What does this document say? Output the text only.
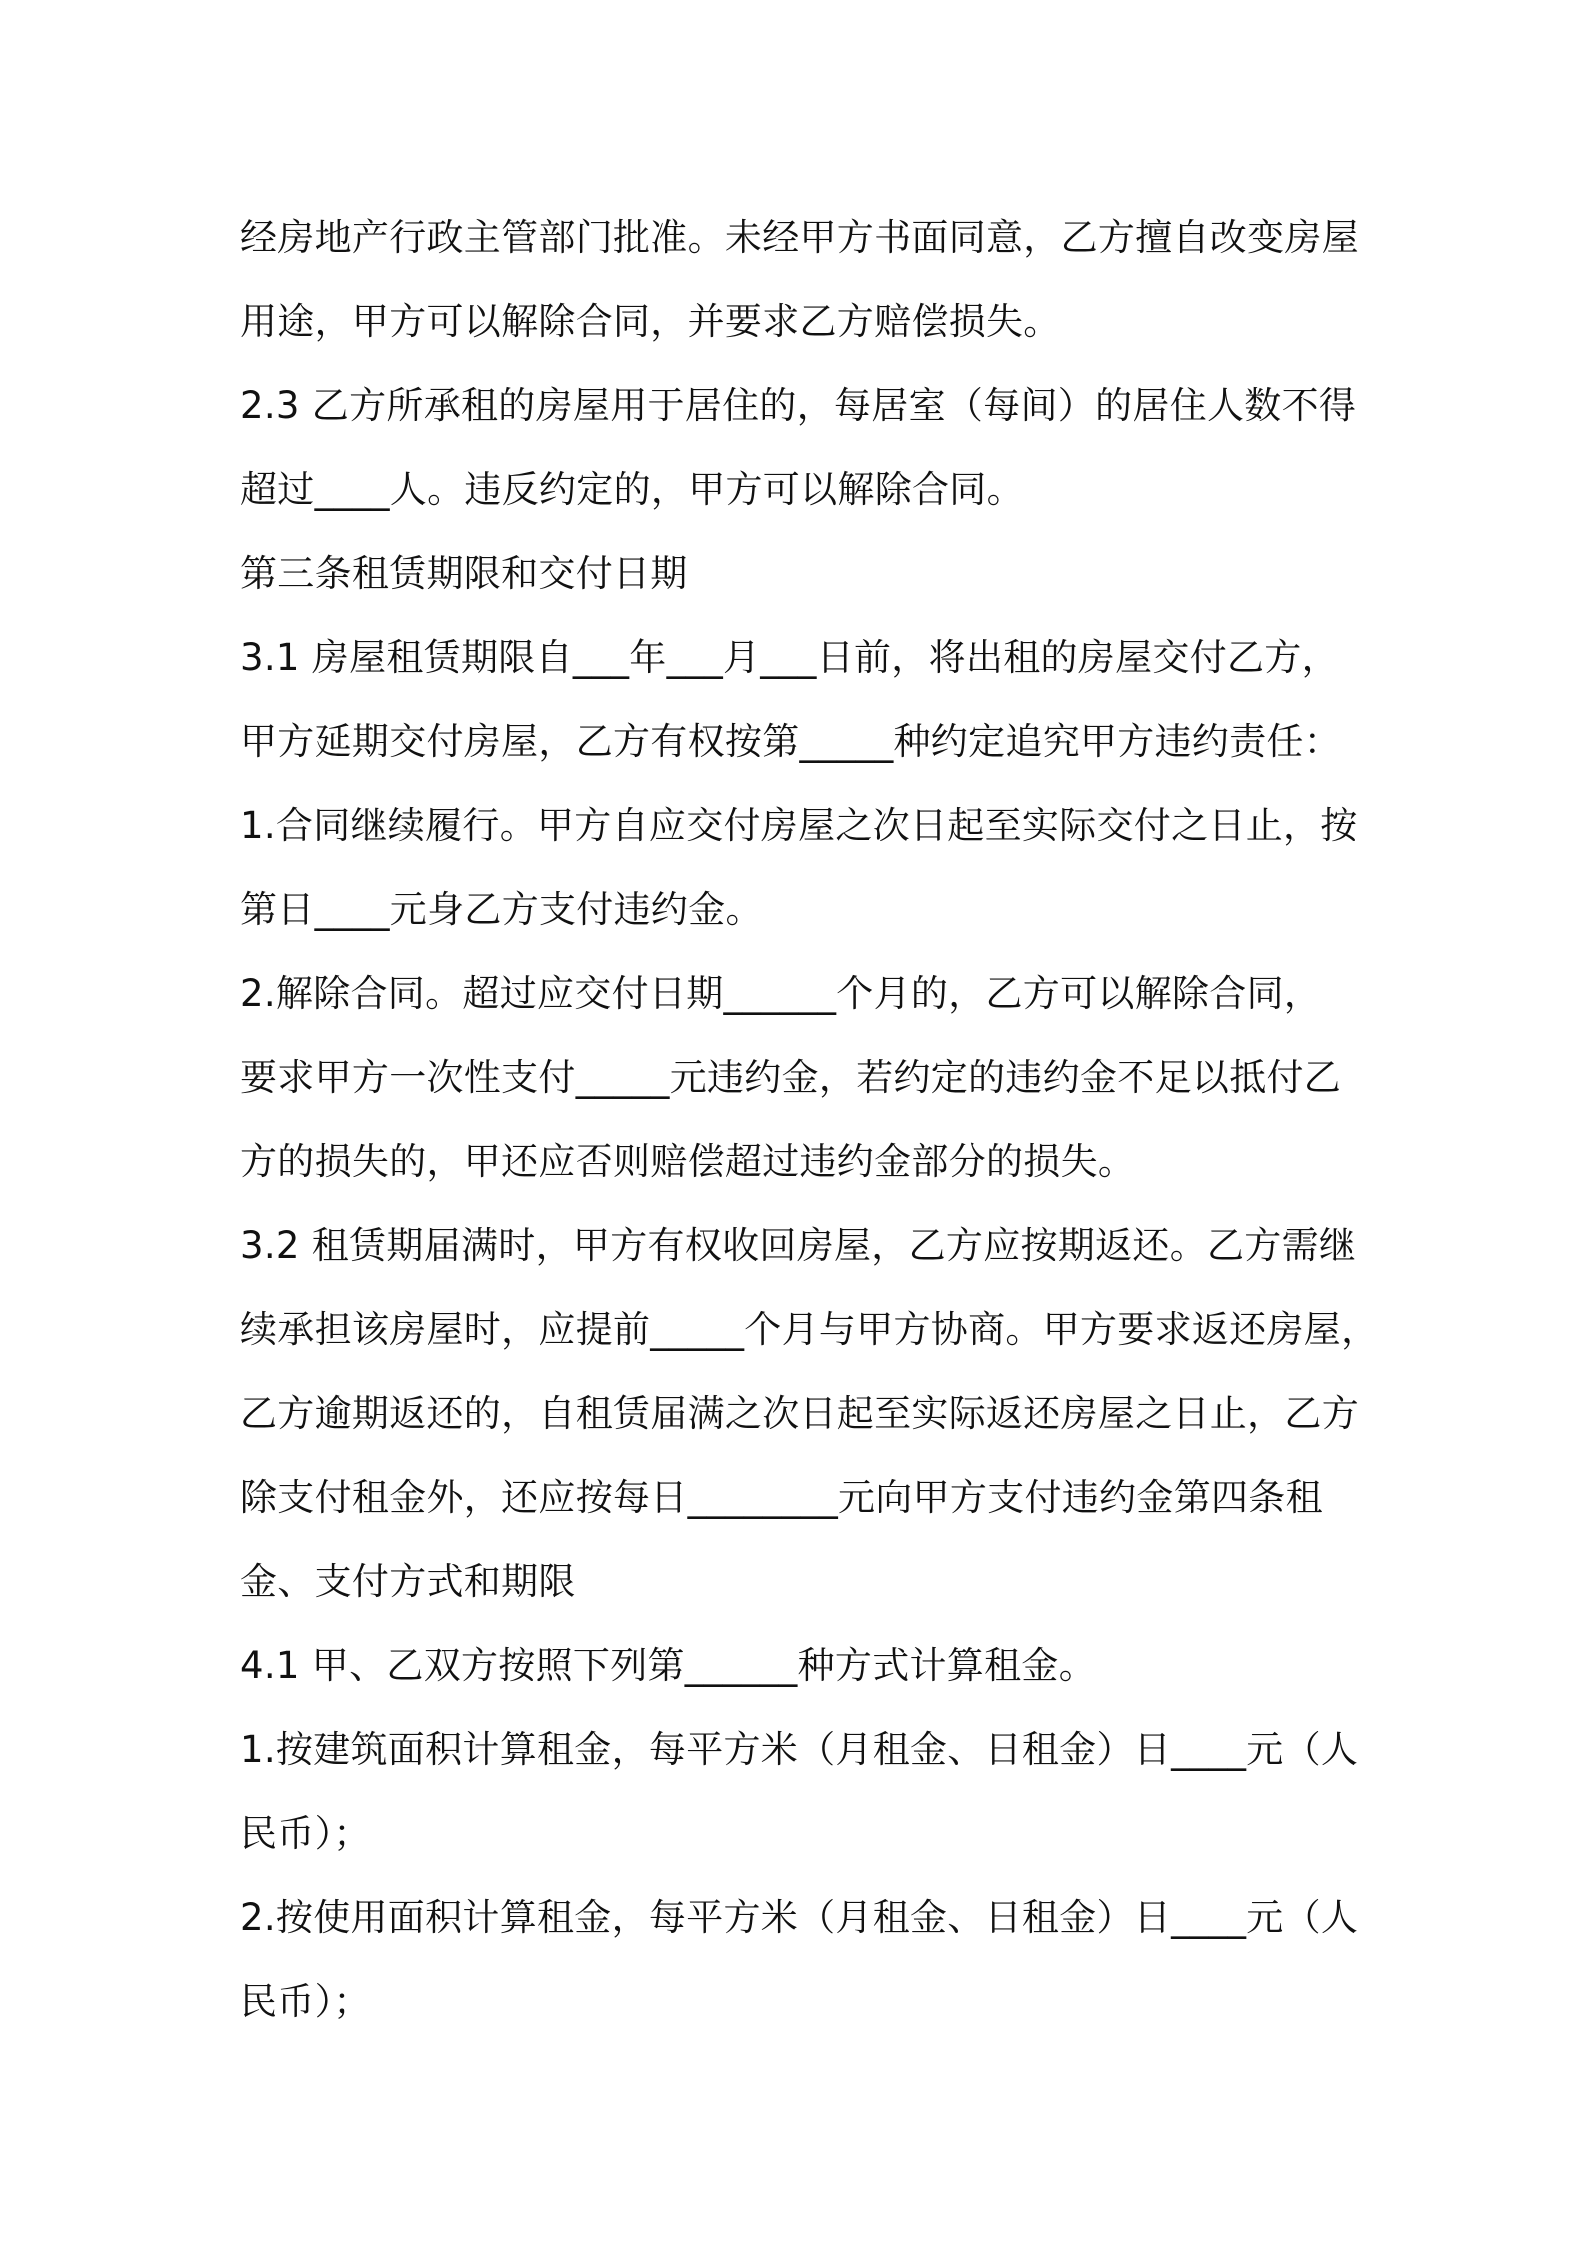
经房地产行政主管部门批准。未经甲方书面同意，乙方擅自改变房屋
用途，甲方可以解除合同，并要求乙方赔偿损失。
2.3 乙方所承租的房屋用于居住的，每居室（每间）的居住人数不得
超过____人。违反约定的，甲方可以解除合同。
第三条租赁期限和交付日期
3.1 房屋租赁期限自___年___月___日前，将出租的房屋交付乙方，
甲方延期交付房屋，乙方有权按第_____种约定追究甲方违约责任：
1.合同继续履行。甲方自应交付房屋之次日起至实际交付之日止，按
第日____元身乙方支付违约金。
2.解除合同。超过应交付日期______个月的，乙方可以解除合同，
要求甲方一次性支付_____元违约金，若约定的违约金不足以抵付乙
方的损失的，甲还应否则赔偿超过违约金部分的损失。
3.2 租赁期届满时，甲方有权收回房屋，乙方应按期返还。乙方需继
续承担该房屋时，应提前_____个月与甲方协商。甲方要求返还房屋，
乙方逾期返还的，自租赁届满之次日起至实际返还房屋之日止，乙方
除支付租金外，还应按每日________元向甲方支付违约金第四条租
金、支付方式和期限
4.1 甲、乙双方按照下列第______种方式计算租金。
1.按建筑面积计算租金，每平方米（月租金、日租金）日____元（人
民币）；
2.按使用面积计算租金，每平方米（月租金、日租金）日____元（人
民币）；
